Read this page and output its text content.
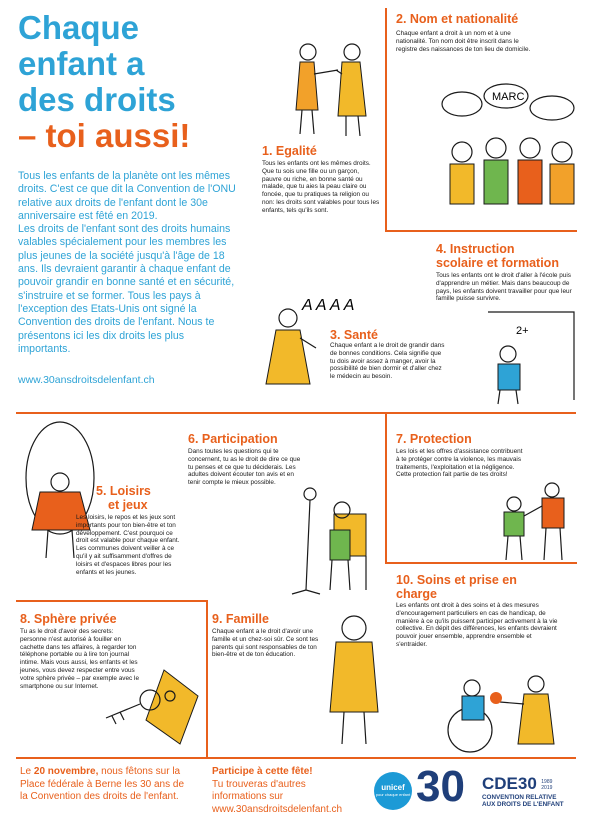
Chaque
enfant a
des droits
– toi aussi!
Tous les enfants de la planète ont les mêmes droits. C'est ce que dit la Convention de l'ONU relative aux droits de l'enfant dont le 30e anniversaire est fêté en 2019.
Les droits de l'enfant sont des droits humains valables spécialement pour les membres les plus jeunes de la société jusqu'à l'âge de 18 ans. Ils devraient garantir à chaque enfant de pouvoir grandir en bonne santé et en sécurité, s'instruire et se former. Tous les pays à l'exception des Etats-Unis ont signé la Convention des droits de l'enfant. Nous te présentons ici les dix droits les plus importants.
www.30ansdroitsdelenfant.ch
1. Egalité
Tous les enfants ont les mêmes droits. Que tu sois une fille ou un garçon, pauvre ou riche, en bonne santé ou malade, que tu aies la peau claire ou foncée, que tu pratiques ta religion ou non: les droits sont valables pour tous les enfants, tels qu'ils sont.
2. Nom et nationalité
Chaque enfant a droit à un nom et à une nationalité. Ton nom doit être inscrit dans le registre des naissances de ton lieu de domicile.
MARC
A A A A
3. Santé
Chaque enfant a le droit de grandir dans de bonnes conditions. Cela signifie que tu dois avoir assez à manger, avoir la possibilité de bien dormir et d'aller chez le médecin au besoin.
4. Instruction
scolaire et formation
Tous les enfants ont le droit d'aller à l'école puis d'apprendre un métier. Mais dans beaucoup de pays, les enfants doivent travailler pour que leur famille puisse survivre.
2+
5. Loisirs
et jeux
Les loisirs, le repos et les jeux sont importants pour ton bien-être et ton développement. C'est pourquoi ce droit est valable pour chaque enfant. Les communes doivent veiller à ce qu'il y ait suffisamment d'offres de loisirs et d'espaces libres pour les enfants et les jeunes.
6. Participation
Dans toutes les questions qui te concernent, tu as le droit de dire ce que tu penses et ce que tu déciderais. Les adultes doivent écouter ton avis et en tenir compte le mieux possible.
7. Protection
Les lois et les offres d'assistance contribuent à te protéger contre la violence, les mauvais traitements, l'exploitation et la négligence. Cette protection fait partie de tes droits!
8. Sphère privée
Tu as le droit d'avoir des secrets: personne n'est autorisé à fouiller en cachette dans tes affaires, à regarder ton téléphone portable ou à lire ton journal intime. Mais vous aussi, les enfants et les jeunes, vous devez respecter entre vous votre sphère privée – par exemple avec le smartphone ou sur Internet.
9. Famille
Chaque enfant a le droit d'avoir une famille et un chez-soi sûr. Ce sont tes parents qui sont responsables de ton bien-être et de ton éducation.
10. Soins et prise en
charge
Les enfants ont droit à des soins et à des mesures d'encouragement particuliers en cas de handicap, de manière à ce qu'ils puissent participer activement à la vie collective. En dépit des différences, les enfants devraient pouvoir jouer ensemble, apprendre ensemble et s'entraider.
Le 20 novembre, nous fêtons sur la Place fédérale à Berne les 30 ans de la Convention des droits de l'enfant.
Participe à cette fête!
Tu trouveras d'autres informations sur
www.30ansdroitsdelenfant.ch
unicef
pour chaque enfant 30 CDE30 1989 2019
CONVENTION RELATIVE
AUX DROITS DE L'ENFANT
